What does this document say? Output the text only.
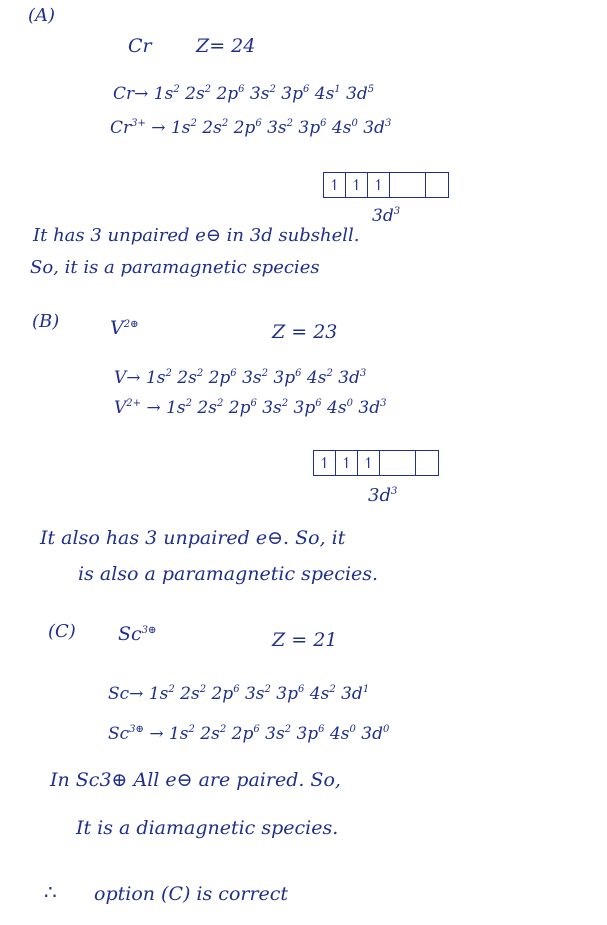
(A)
Cr Z= 24
$Cr\to 1s^2$ $2s^2$ $2p^6$ $3s^2$ $3p^6$ $4s^1$ $3d^5$
$Cr^{3+} \to 1s^2$ $2s^2$ $2p^6$ $3s^2$ $3p^6$ $4s^0$ $3d^3$
↿ ↿ ↿
$3d^3$
It has 3 unpaired e⊖ in 3d subshell.
So, it is a paramagnetic species
(B)	$V^{2\oplus}$	Z = 23
$V\to 1s^2$ $2s^2$ $2p^6$ $3s^2$ $3p^6$ $4s^2$ $3d^3$
$V^{2+} \to 1s^2$ $2s^2$ $2p^6$ $3s^2$ $3p^6$ $4s^0$ $3d^3$
↿ ↿ ↿
$3d^3$
It also has 3 unpaired e⊖. So, it
is also a paramagnetic species.
(C) $Sc^{3\oplus}$	Z = 21
$Sc\to 1s^2$ $2s^2$ $2p^6$ $3s^2$ $3p^6$ $4s^2$ $3d^1$
$Sc^{3\oplus} \to 1s^2$ $2s^2$ $2p^6$ $3s^2$ $3p^6$ $4s^0$ $3d^0$
In Sc3⊕ All e⊖ are paired. So,
It is a diamagnetic species.
∴ option (C) is correct
